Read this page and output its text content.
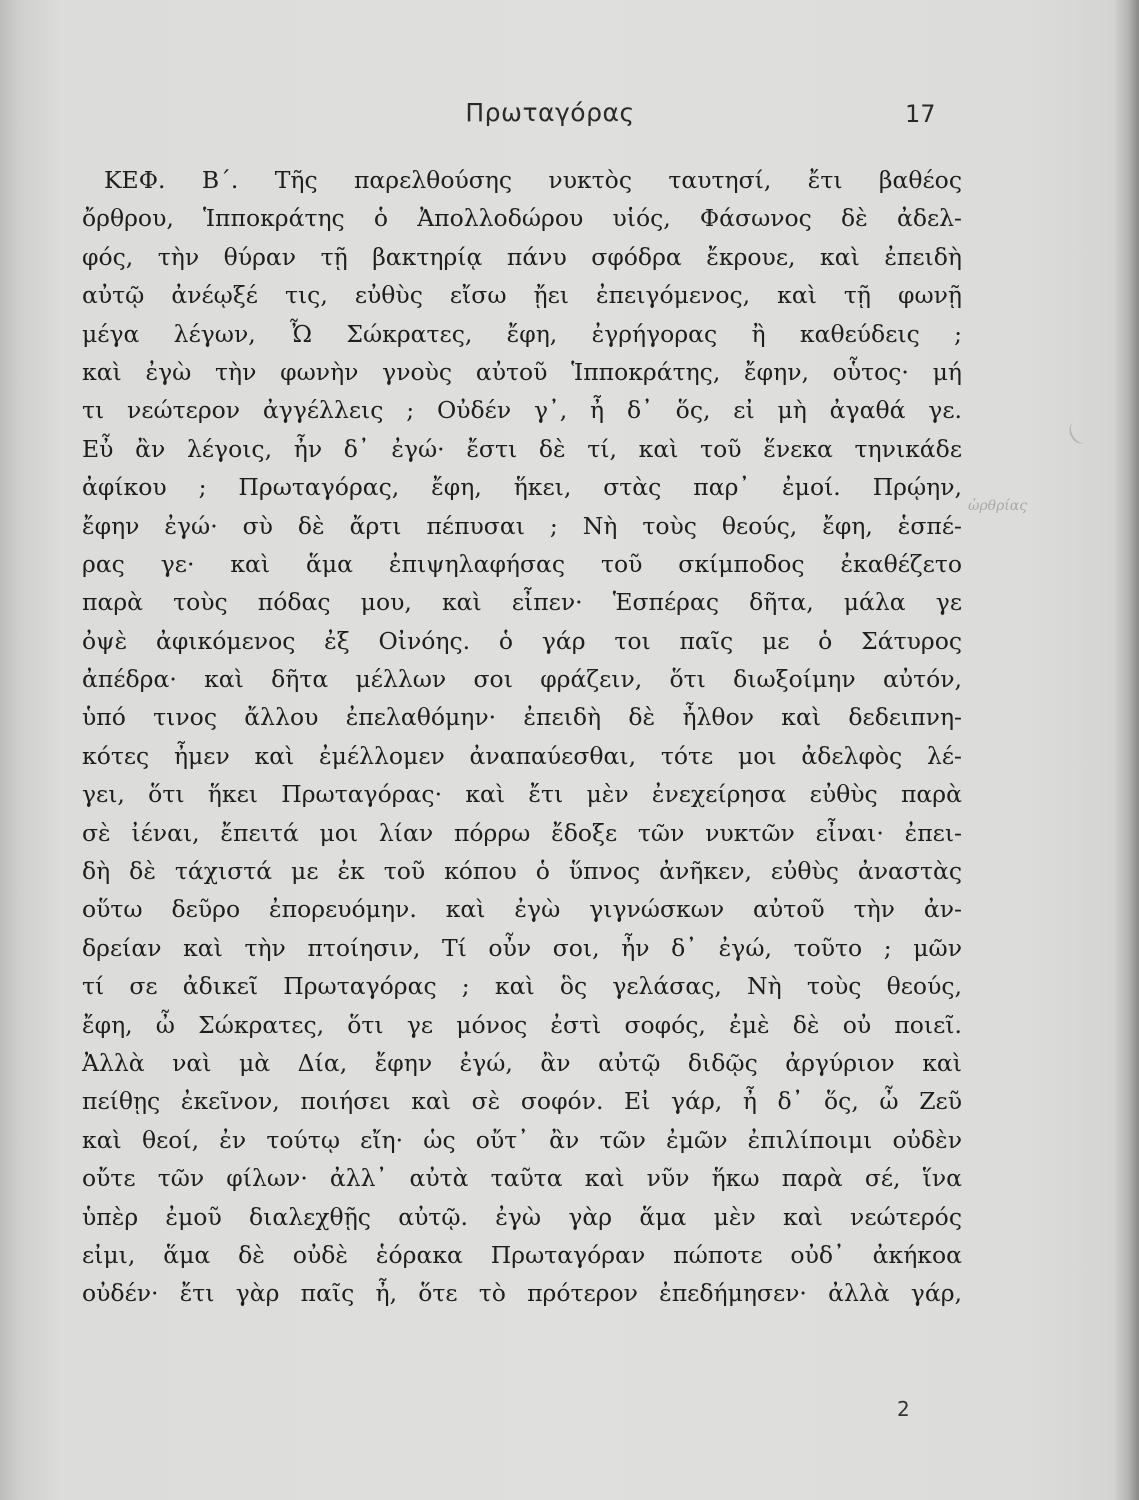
Πρωταγόρας	17
ΚΕΦ. Β΄. Τῆς παρελθούσης νυκτὸς ταυτησί, ἔτι βαθέος
ὄρθρου, Ἱπποκράτης ὁ Ἀπολλοδώρου υἱός, Φάσωνος δὲ ἀδελ-
φός, τὴν θύραν τῇ βακτηρίᾳ πάνυ σφόδρα ἔκρουε, καὶ ἐπειδὴ
αὐτῷ ἀνέῳξέ τις, εὐθὺς εἴσω ᾔει ἐπειγόμενος, καὶ τῇ φωνῇ
μέγα λέγων, Ὦ Σώκρατες, ἔφη, ἐγρήγορας ἢ καθεύδεις ;
καὶ ἐγὼ τὴν φωνὴν γνοὺς αὐτοῦ Ἱπποκράτης, ἔφην, οὗτος· μή
τι νεώτερον ἀγγέλλεις ; Οὐδέν γ᾽, ἦ δ᾽ ὅς, εἰ μὴ ἀγαθά γε.
Εὖ ἂν λέγοις, ἦν δ᾽ ἐγώ· ἔστι δὲ τί, καὶ τοῦ ἕνεκα τηνικάδε
ἀφίκου ; Πρωταγόρας, ἔφη, ἥκει, στὰς παρ᾽ ἐμοί. Πρῴην,
ἔφην ἐγώ· σὺ δὲ ἄρτι πέπυσαι ; Νὴ τοὺς θεούς, ἔφη, ἑσπέ-
ρας γε· καὶ ἅμα ἐπιψηλαφήσας τοῦ σκίμποδος ἐκαθέζετο
παρὰ τοὺς πόδας μου, καὶ εἶπεν· Ἑσπέρας δῆτα, μάλα γε
ὀψὲ ἀφικόμενος ἐξ Οἰνόης. ὁ γάρ τοι παῖς με ὁ Σάτυρος
ἀπέδρα· καὶ δῆτα μέλλων σοι φράζειν, ὅτι διωξοίμην αὐτόν,
ὑπό τινος ἄλλου ἐπελαθόμην· ἐπειδὴ δὲ ἦλθον καὶ δεδειπνη-
κότες ἦμεν καὶ ἐμέλλομεν ἀναπαύεσθαι, τότε μοι ἀδελφὸς λέ-
γει, ὅτι ἥκει Πρωταγόρας· καὶ ἔτι μὲν ἐνεχείρησα εὐθὺς παρὰ
σὲ ἰέναι, ἔπειτά μοι λίαν πόρρω ἔδοξε τῶν νυκτῶν εἶναι· ἐπει-
δὴ δὲ τάχιστά με ἐκ τοῦ κόπου ὁ ὕπνος ἀνῆκεν, εὐθὺς ἀναστὰς
οὕτω δεῦρο ἐπορευόμην. καὶ ἐγὼ γιγνώσκων αὐτοῦ τὴν ἀν-
δρείαν καὶ τὴν πτοίησιν, Τί οὖν σοι, ἦν δ᾽ ἐγώ, τοῦτο ; μῶν
τί σε ἀδικεῖ Πρωταγόρας ; καὶ ὃς γελάσας, Νὴ τοὺς θεούς,
ἔφη, ὦ Σώκρατες, ὅτι γε μόνος ἐστὶ σοφός, ἐμὲ δὲ οὐ ποιεῖ.
Ἀλλὰ ναὶ μὰ Δία, ἔφην ἐγώ, ἂν αὐτῷ διδῷς ἀργύριον καὶ
πείθῃς ἐκεῖνον, ποιήσει καὶ σὲ σοφόν. Εἰ γάρ, ἦ δ᾽ ὅς, ὦ Ζεῦ
καὶ θεοί, ἐν τούτῳ εἴη· ὡς οὔτ᾽ ἂν τῶν ἐμῶν ἐπιλίποιμι οὐδὲν
οὔτε τῶν φίλων· ἀλλ᾽ αὐτὰ ταῦτα καὶ νῦν ἥκω παρὰ σέ, ἵνα
ὑπὲρ ἐμοῦ διαλεχθῇς αὐτῷ. ἐγὼ γὰρ ἅμα μὲν καὶ νεώτερός
εἰμι, ἅμα δὲ οὐδὲ ἑόρακα Πρωταγόραν πώποτε οὐδ᾽ ἀκήκοα
οὐδέν· ἔτι γὰρ παῖς ἦ, ὅτε τὸ πρότερον ἐπεδήμησεν· ἀλλὰ γάρ,
ὠρθρίας
2
